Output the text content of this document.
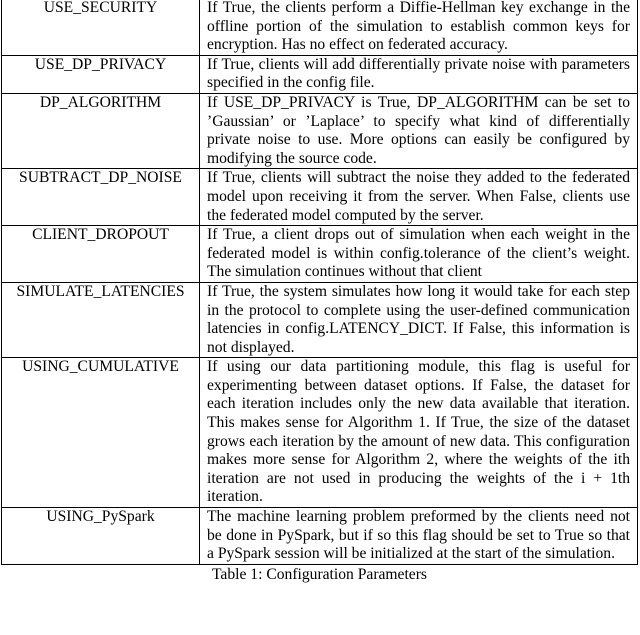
USE_SECURITY	If True, the clients perform a Diffie-Hellman key exchange in the offline portion of the simulation to establish common keys for encryption. Has no effect on federated accuracy.
USE_DP_PRIVACY	If True, clients will add differentially private noise with parameters specified in the config file.
DP_ALGORITHM	If USE_DP_PRIVACY is True, DP_ALGORITHM can be set to ’Gaussian’ or ’Laplace’ to specify what kind of differentially private noise to use. More options can easily be configured by modifying the source code.
SUBTRACT_DP_NOISE	If True, clients will subtract the noise they added to the federated model upon receiving it from the server. When False, clients use the federated model computed by the server.
CLIENT_DROPOUT	If True, a client drops out of simulation when each weight in the federated model is within config.tolerance of the client’s weight. The simulation continues without that client
SIMULATE_LATENCIES	If True, the system simulates how long it would take for each step in the protocol to complete using the user-defined communication latencies in config.LATENCY_DICT. If False, this information is not displayed.
USING_CUMULATIVE	If using our data partitioning module, this flag is useful for experimenting between dataset options. If False, the dataset for each iteration includes only the new data available that iteration. This makes sense for Algorithm 1. If True, the size of the dataset grows each iteration by the amount of new data. This configuration makes more sense for Algorithm 2, where the weights of the ith iteration are not used in producing the weights of the i + 1th iteration.
USING_PySpark	The machine learning problem preformed by the clients need not be done in PySpark, but if so this flag should be set to True so that a PySpark session will be initialized at the start of the simulation.
Table 1: Configuration Parameters
